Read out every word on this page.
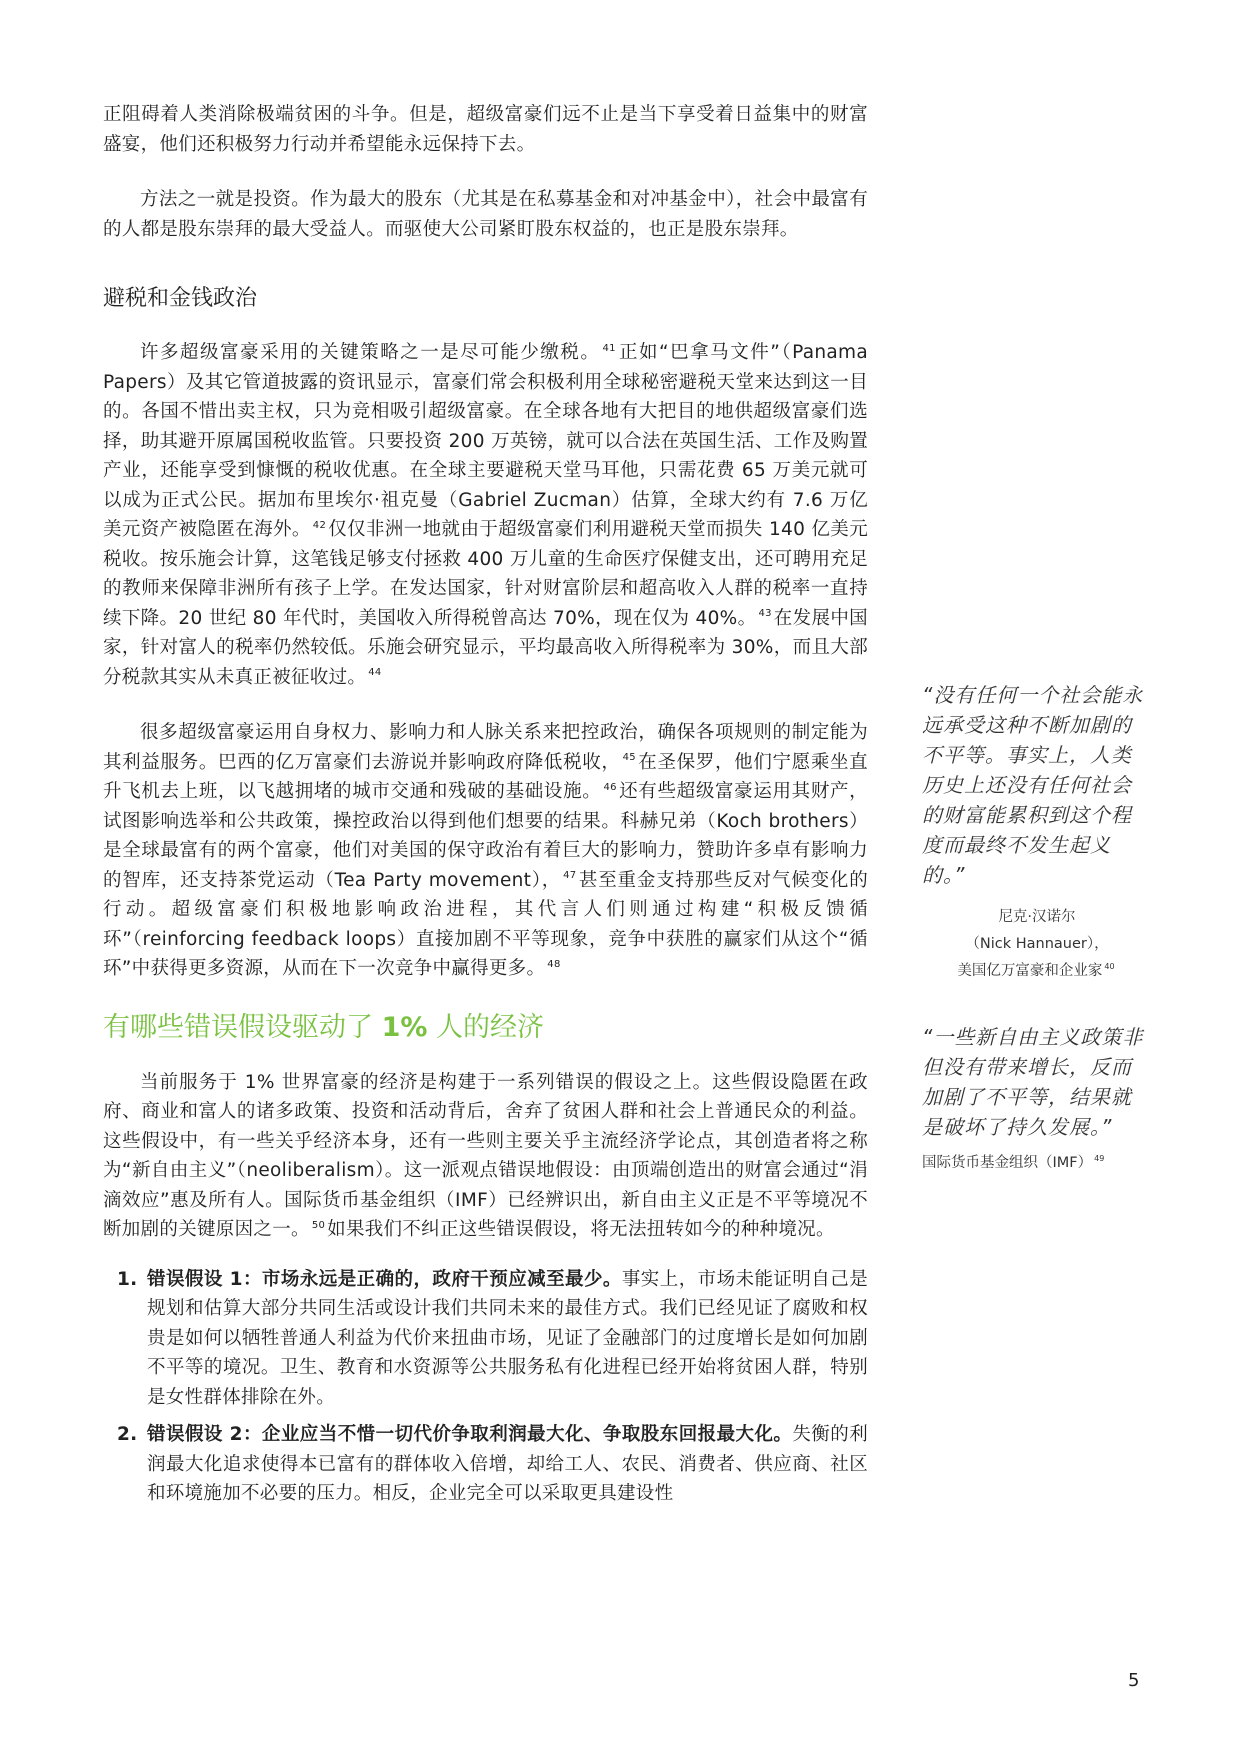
正阻碍着人类消除极端贫困的斗争。但是，超级富豪们远不止是当下享受着日益集中的财富盛宴，他们还积极努力行动并希望能永远保持下去。

方法之一就是投资。作为最大的股东（尤其是在私募基金和对冲基金中），社会中最富有的人都是股东崇拜的最大受益人。而驱使大公司紧盯股东权益的，也正是股东崇拜。

避税和金钱政治

许多超级富豪采用的关键策略之一是尽可能少缴税。 $^{41}$ 正如“巴拿马文件”（Panama Papers）及其它管道披露的资讯显示，富豪们常会积极利用全球秘密避税天堂来达到这一目的。各国不惜出卖主权，只为竞相吸引超级富豪。在全球各地有大把目的地供超级富豪们选择，助其避开原属国税收监管。只要投资 200 万英镑，就可以合法在英国生活、工作及购置产业，还能享受到慷慨的税收优惠。在全球主要避税天堂马耳他，只需花费 65 万美元就可以成为正式公民。据加布里埃尔·祖克曼（Gabriel Zucman）估算，全球大约有 7.6 万亿美元资产被隐匿在海外。 $^{42}$ 仅仅非洲一地就由于超级富豪们利用避税天堂而损失 140 亿美元税收。按乐施会计算，这笔钱足够支付拯救 400 万儿童的生命医疗保健支出，还可聘用充足的教师来保障非洲所有孩子上学。在发达国家，针对财富阶层和超高收入人群的税率一直持续下降。20 世纪 80 年代时，美国收入所得税曾高达 70%，现在仅为 40%。 $^{43}$ 在发展中国家，针对富人的税率仍然较低。乐施会研究显示，平均最高收入所得税率为 30%，而且大部分税款其实从未真正被征收过。 $^{44}$

很多超级富豪运用自身权力、影响力和人脉关系来把控政治，确保各项规则的制定能为其利益服务。巴西的亿万富豪们去游说并影响政府降低税收， $^{45}$ 在圣保罗，他们宁愿乘坐直升飞机去上班，以飞越拥堵的城市交通和残破的基础设施。 $^{46}$ 还有些超级富豪运用其财产，试图影响选举和公共政策，操控政治以得到他们想要的结果。科赫兄弟（Koch brothers）是全球最富有的两个富豪，他们对美国的保守政治有着巨大的影响力，赞助许多卓有影响力的智库，还支持茶党运动（Tea Party movement）， $^{47}$ 甚至重金支持那些反对气候变化的行动。超级富豪们积极地影响政治进程，其代言人们则通过构建“积极反馈循环”（reinforcing feedback loops）直接加剧不平等现象，竞争中获胜的赢家们从这个“循环”中获得更多资源，从而在下一次竞争中赢得更多。 $^{48}$

有哪些错误假设驱动了 1% 人的经济

当前服务于 1% 世界富豪的经济是构建于一系列错误的假设之上。这些假设隐匿在政府、商业和富人的诸多政策、投资和活动背后，舍弃了贫困人群和社会上普通民众的利益。这些假设中，有一些关乎经济本身，还有一些则主要关乎主流经济学论点，其创造者将之称为“新自由主义”（neoliberalism）。这一派观点错误地假设：由顶端创造出的财富会通过“涓滴效应”惠及所有人。国际货币基金组织（IMF）已经辨识出，新自由主义正是不平等境况不断加剧的关键原因之一。 $^{50}$ 如果我们不纠正这些错误假设，将无法扭转如今的种种境况。

1. 错误假设 1：市场永远是正确的，政府干预应减至最少。事实上，市场未能证明自己是规划和估算大部分共同生活或设计我们共同未来的最佳方式。我们已经见证了腐败和权贵是如何以牺牲普通人利益为代价来扭曲市场，见证了金融部门的过度增长是如何加剧不平等的境况。卫生、教育和水资源等公共服务私有化进程已经开始将贫困人群，特别是女性群体排除在外。
2. 错误假设 2：企业应当不惜一切代价争取利润最大化、争取股东回报最大化。失衡的利润最大化追求使得本已富有的群体收入倍增，却给工人、农民、消费者、供应商、社区和环境施加不必要的压力。相反，企业完全可以采取更具建设性

“没有任何一个社会能永远承受这种不断加剧的不平等。事实上，人类历史上还没有任何社会的财富能累积到这个程度而最终不发生起义的。”

尼克·汉诺尔
（Nick Hannauer），
美国亿万富豪和企业家 $^{40}$

“一些新自由主义政策非但没有带来增长，反而加剧了不平等，结果就是破坏了持久发展。”

国际货币基金组织（IMF） $^{49}$
5
